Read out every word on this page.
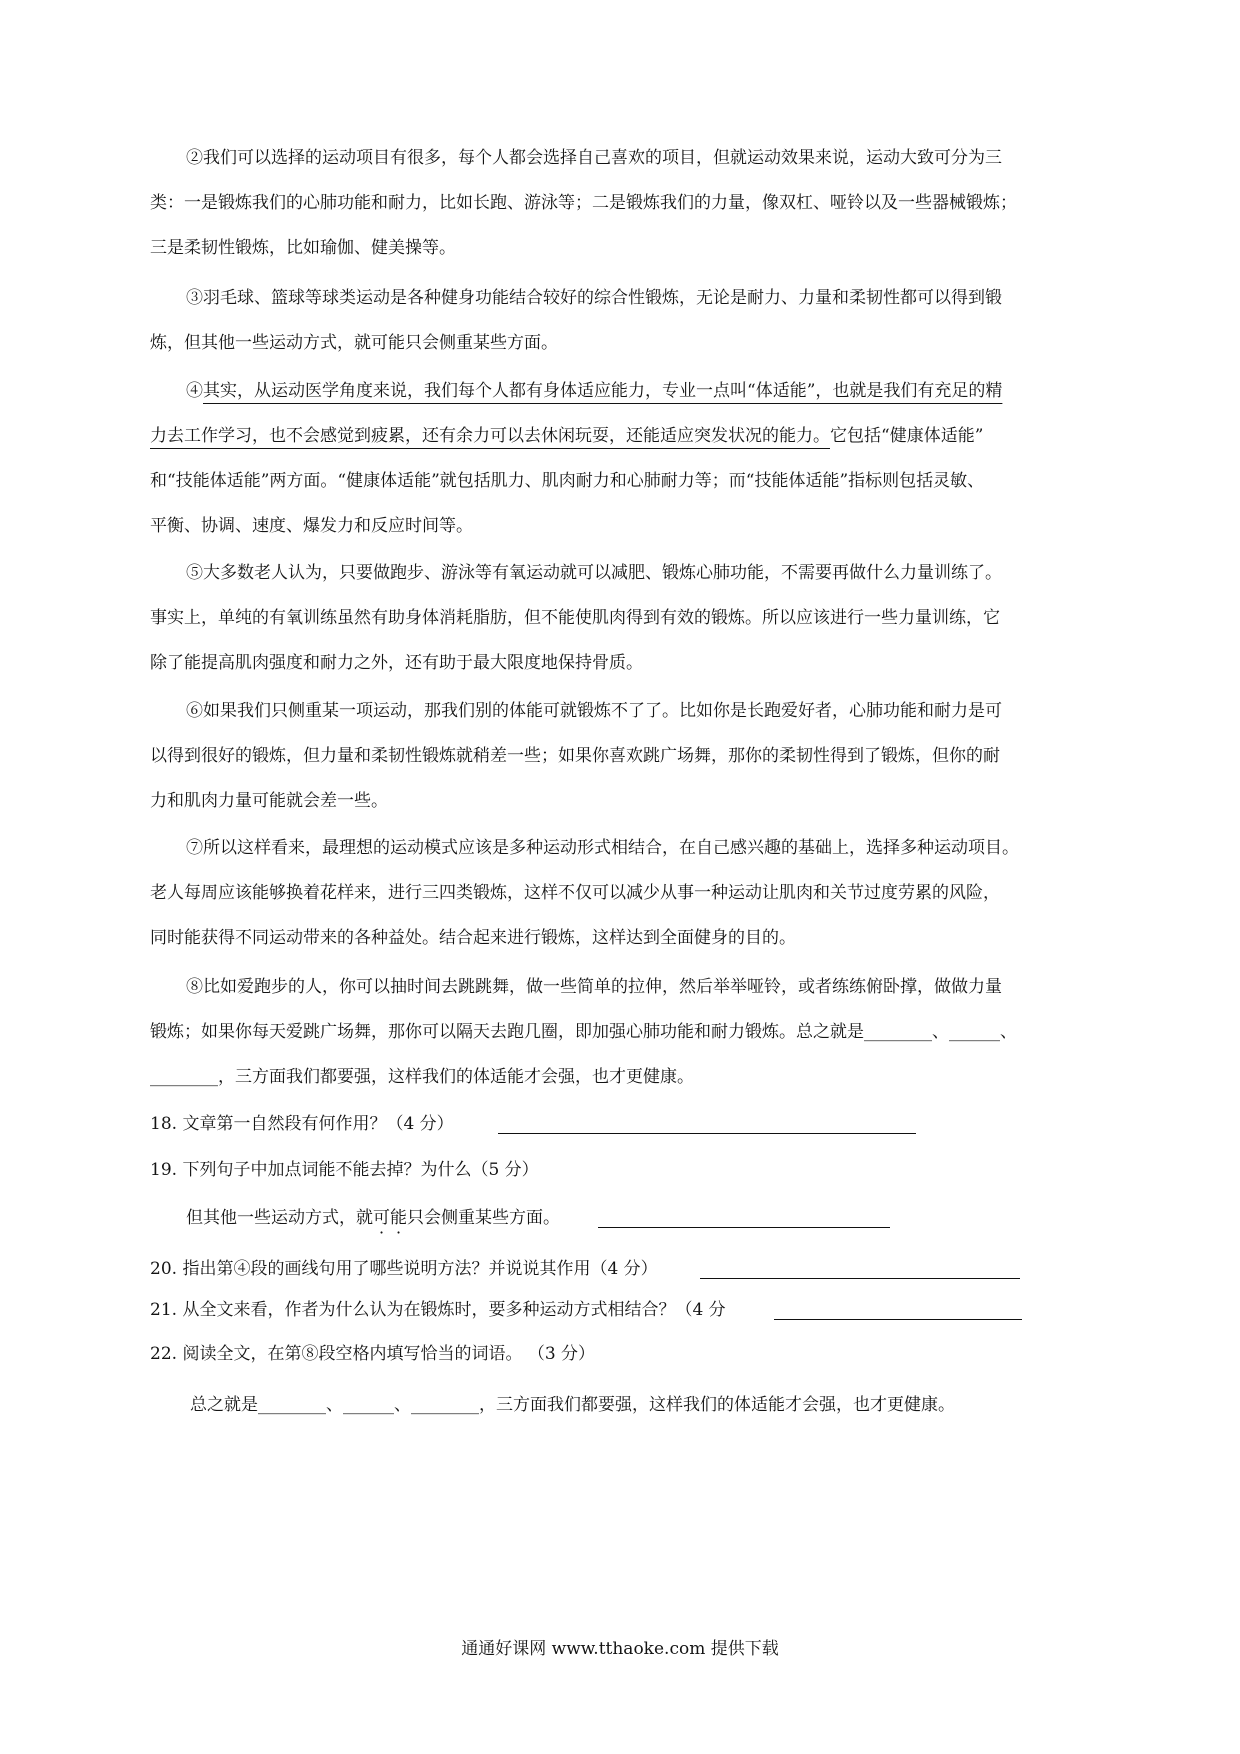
②我们可以选择的运动项目有很多，每个人都会选择自己喜欢的项目，但就运动效果来说，运动大致可分为三
类：一是锻炼我们的心肺功能和耐力，比如长跑、游泳等；二是锻炼我们的力量，像双杠、哑铃以及一些器械锻炼；
三是柔韧性锻炼，比如瑜伽、健美操等。
③羽毛球、篮球等球类运动是各种健身功能结合较好的综合性锻炼，无论是耐力、力量和柔韧性都可以得到锻
炼，但其他一些运动方式，就可能只会侧重某些方面。
④其实，从运动医学角度来说，我们每个人都有身体适应能力，专业一点叫“体适能”，也就是我们有充足的精
力去工作学习，也不会感觉到疲累，还有余力可以去休闲玩耍，还能适应突发状况的能力。它包括“健康体适能”
和“技能体适能”两方面。“健康体适能”就包括肌力、肌肉耐力和心肺耐力等；而“技能体适能”指标则包括灵敏、
平衡、协调、速度、爆发力和反应时间等。
⑤大多数老人认为，只要做跑步、游泳等有氧运动就可以减肥、锻炼心肺功能，不需要再做什么力量训练了。
事实上，单纯的有氧训练虽然有助身体消耗脂肪，但不能使肌肉得到有效的锻炼。所以应该进行一些力量训练，它
除了能提高肌肉强度和耐力之外，还有助于最大限度地保持骨质。
⑥如果我们只侧重某一项运动，那我们别的体能可就锻炼不了了。比如你是长跑爱好者，心肺功能和耐力是可
以得到很好的锻炼，但力量和柔韧性锻炼就稍差一些；如果你喜欢跳广场舞，那你的柔韧性得到了锻炼，但你的耐
力和肌肉力量可能就会差一些。
⑦所以这样看来，最理想的运动模式应该是多种运动形式相结合，在自己感兴趣的基础上，选择多种运动项目。
老人每周应该能够换着花样来，进行三四类锻炼，这样不仅可以减少从事一种运动让肌肉和关节过度劳累的风险，
同时能获得不同运动带来的各种益处。结合起来进行锻炼，这样达到全面健身的目的。
⑧比如爱跑步的人，你可以抽时间去跳跳舞，做一些简单的拉伸，然后举举哑铃，或者练练俯卧撑，做做力量
锻炼；如果你每天爱跳广场舞，那你可以隔天去跑几圈，即加强心肺功能和耐力锻炼。总之就是________、______、
________，三方面我们都要强，这样我们的体适能才会强，也才更健康。
18. 文章第一自然段有何作用？（4 分）
19. 下列句子中加点词能不能去掉？为什么（5 分）
但其他一些运动方式，就可能只会侧重某些方面。
20. 指出第④段的画线句用了哪些说明方法？并说说其作用（4 分）
21. 从全文来看，作者为什么认为在锻炼时，要多种运动方式相结合？（4 分
22. 阅读全文，在第⑧段空格内填写恰当的词语。 （3 分）
总之就是________、______、________，三方面我们都要强，这样我们的体适能才会强，也才更健康。
通通好课网 www.tthaoke.com 提供下载
